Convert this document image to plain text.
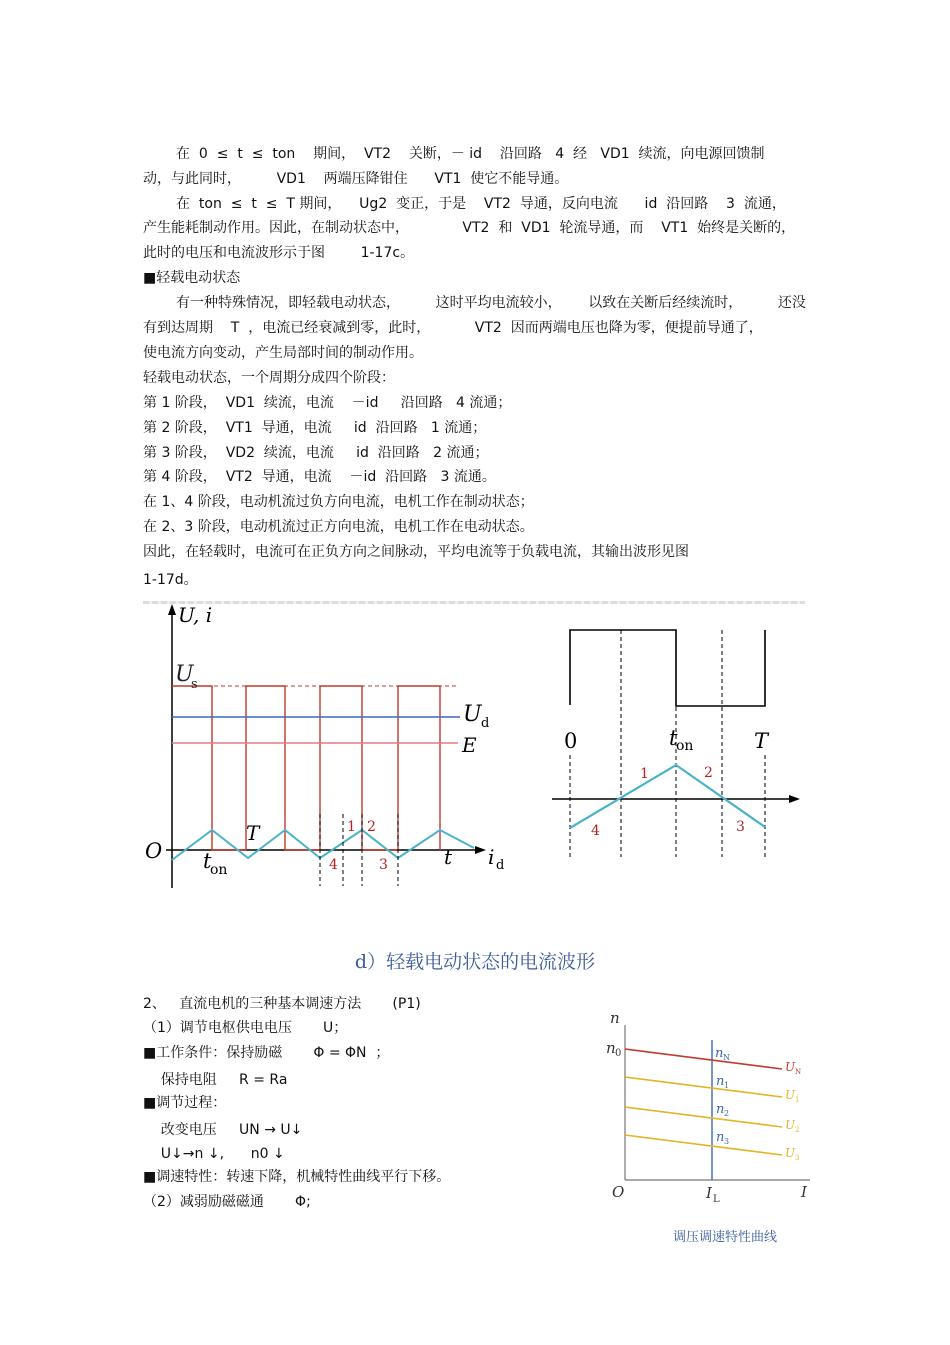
在  0  ≤  t  ≤  ton    期间，  VT2    关断，－ id    沿回路   4  经   VD1  续流，向电源回馈制
动，与此同时，        VD1    两端压降钳住      VT1  使它不能导通。
在  ton  ≤  t  ≤  T 期间，    Ug2  变正，于是    VT2  导通，反向电流      id  沿回路    3  流通，
产生能耗制动作用。因此，在制动状态中，            VT2  和  VD1  轮流导通，而    VT1  始终是关断的，
此时的电压和电流波形示于图        1-17c。
■轻载电动状态
有一种特殊情况，即轻载电动状态，        这时平均电流较小，      以致在关断后经续流时，        还没
有到达周期    T  ，电流已经衰减到零，此时，          VT2  因而两端电压也降为零，便提前导通了，
使电流方向变动，产生局部时间的制动作用。
轻载电动状态，一个周期分成四个阶段：
第 1 阶段，  VD1  续流，电流    －id     沿回路   4 流通；
第 2 阶段，  VT1  导通，电流     id  沿回路   1 流通；
第 3 阶段，  VD2  续流，电流     id  沿回路   2 流通；
第 4 阶段，  VT2  导通，电流    －id  沿回路   3 流通。
在 1、4 阶段，电动机流过负方向电流，电机工作在制动状态；
在 2、3 阶段，电动机流过正方向电流，电机工作在电动状态。
因此，在轻载时，电流可在正负方向之间脉动，平均电流等于负载电流，其输出波形见图
1-17d。
U, i
U
s
U d
E
O t
on
T
t i d
1 2
3
4
0	t
on	T
1	2
3
4
d）轻载电动状态的电流波形
2、   直流电机的三种基本调速方法       (P1)
（1）调节电枢供电电压       U；
■工作条件：保持励磁       Φ = ΦN  ；
保持电阻     R = Ra
■调节过程：
改变电压     UN → U↓
U↓→n ↓,      n0 ↓
■调速特性：转速下降，机械特性曲线平行下移。
（2）减弱励磁磁通       Φ;
n
n 0
O	I L	I
n N
n 1
n 2
n 3
U N
U 1
U 2
U 3
调压调速特性曲线
